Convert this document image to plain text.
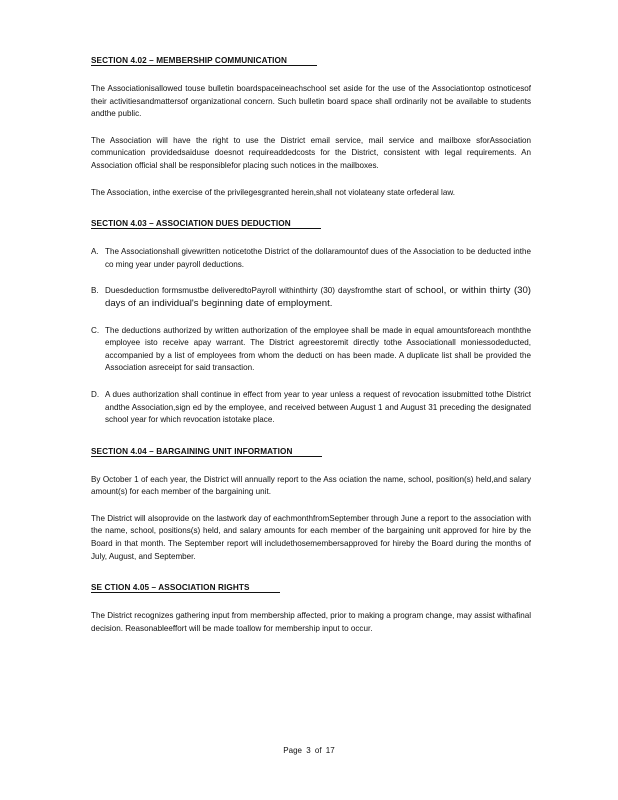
SECTION 4.02 – MEMBERSHIP COMMUNICATION

The Associationisallowed touse bulletin boardspaceineachschool set aside for the use of the Associationtop ostnoticesof their activitiesandmattersof organizational concern. Such bulletin board space shall ordinarily not be available to students andthe public.

The Association will have the right to use the District email service, mail service and mailboxe sforAssociation communication providedsaiduse doesnot requireaddedcosts for the District, consistent with legal requirements. An Association official shall be responsiblefor placing such notices in the mailboxes.

The Association, inthe exercise of the privilegesgranted herein,shall not violateany state orfederal law.

SECTION 4.03 – ASSOCIATION DUES DEDUCTION
A. The Associationshall givewritten noticetothe District of the dollaramountof dues of the Association to be deducted inthe co ming year under payroll deductions.
B. Duesdeduction formsmustbe deliveredtoPayroll withinthirty (30) daysfromthe start of school, or within thirty (30) days of an individual's beginning date of employment.
C. The deductions authorized by written authorization of the employee shall be made in equal amountsforeach monththe employee isto receive apay warrant. The District agreestoremit directly tothe Associationall moniessodeducted, accompanied by a list of employees from whom the deducti on has been made. A duplicate list shall be provided the Association asreceipt for said transaction.
D. A dues authorization shall continue in effect from year to year unless a request of revocation issubmitted tothe District andthe Association,sign ed by the employee, and received between August 1 and August 31 preceding the designated school year for which revocation istotake place.
SECTION 4.04 – BARGAINING UNIT INFORMATION

By October 1 of each year, the District will annually report to the Ass ociation the name, school, position(s) held,and salary amount(s) for each member of the bargaining unit.

The District will alsoprovide on the lastwork day of eachmonthfromSeptember through June a report to the association with the name, school, positions(s) held, and salary amounts for each member of the bargaining unit approved for hire by the Board in that month. The September report will includethosemembersapproved for hireby the Board during the months of July, August, and September.

SE CTION 4.05 – ASSOCIATION RIGHTS

The District recognizes gathering input from membership affected, prior to making a program change, may assist withafinal decision. Reasonableeffort will be made toallow for membership input to occur.

Page 3 of 17
